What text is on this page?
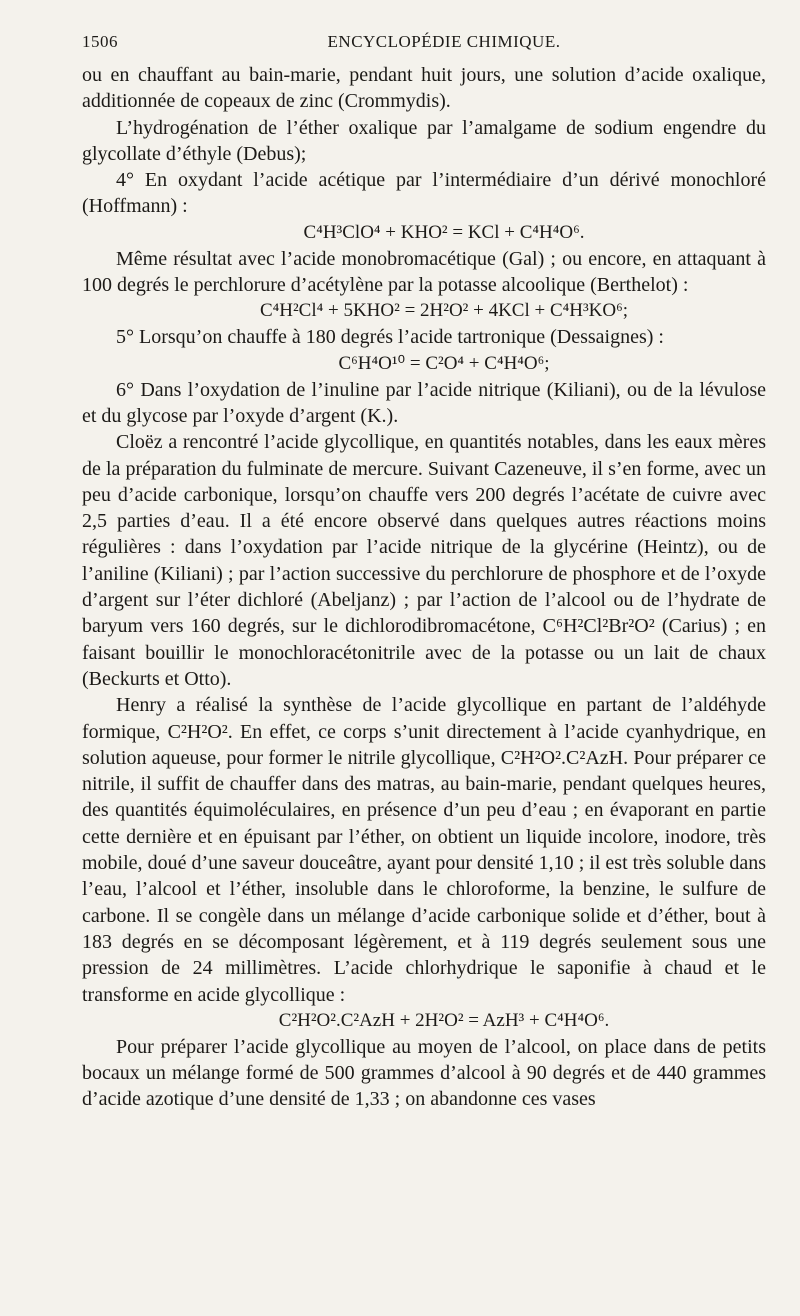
1506	ENCYCLOPÉDIE CHIMIQUE.

ou en chauffant au bain-marie, pendant huit jours, une solution d’acide oxalique, additionnée de copeaux de zinc (Crommydis).

L’hydrogénation de l’éther oxalique par l’amalgame de sodium engendre du glycollate d’éthyle (Debus);

4° En oxydant l’acide acétique par l’intermédiaire d’un dérivé monochloré (Hoffmann) :

C⁴H³ClO⁴ + KHO² = KCl + C⁴H⁴O⁶.

Même résultat avec l’acide monobromacétique (Gal) ; ou encore, en attaquant à 100 degrés le perchlorure d’acétylène par la potasse alcoolique (Berthelot) :

C⁴H²Cl⁴ + 5KHO² = 2H²O² + 4KCl + C⁴H³KO⁶;

5° Lorsqu’on chauffe à 180 degrés l’acide tartronique (Dessaignes) :

C⁶H⁴O¹⁰ = C²O⁴ + C⁴H⁴O⁶;

6° Dans l’oxydation de l’inuline par l’acide nitrique (Kiliani), ou de la lévulose et du glycose par l’oxyde d’argent (K.).

Cloëz a rencontré l’acide glycollique, en quantités notables, dans les eaux mères de la préparation du fulminate de mercure. Suivant Cazeneuve, il s’en forme, avec un peu d’acide carbonique, lorsqu’on chauffe vers 200 degrés l’acétate de cuivre avec 2,5 parties d’eau. Il a été encore observé dans quelques autres réactions moins régulières : dans l’oxydation par l’acide nitrique de la glycérine (Heintz), ou de l’aniline (Kiliani) ; par l’action successive du perchlorure de phosphore et de l’oxyde d’argent sur l’éter dichloré (Abeljanz) ; par l’action de l’alcool ou de l’hydrate de baryum vers 160 degrés, sur le dichlorodibromacétone, C⁶H²Cl²Br²O² (Carius) ; en faisant bouillir le monochloracétonitrile avec de la potasse ou un lait de chaux (Beckurts et Otto).

Henry a réalisé la synthèse de l’acide glycollique en partant de l’aldéhyde formique, C²H²O². En effet, ce corps s’unit directement à l’acide cyanhydrique, en solution aqueuse, pour former le nitrile glycollique, C²H²O².C²AzH. Pour préparer ce nitrile, il suffit de chauffer dans des matras, au bain-marie, pendant quelques heures, des quantités équimoléculaires, en présence d’un peu d’eau ; en évaporant en partie cette dernière et en épuisant par l’éther, on obtient un liquide incolore, inodore, très mobile, doué d’une saveur douceâtre, ayant pour densité 1,10 ; il est très soluble dans l’eau, l’alcool et l’éther, insoluble dans le chloroforme, la benzine, le sulfure de carbone. Il se congèle dans un mélange d’acide carbonique solide et d’éther, bout à 183 degrés en se décomposant légèrement, et à 119 degrés seulement sous une pression de 24 millimètres. L’acide chlorhydrique le saponifie à chaud et le transforme en acide glycollique :

C²H²O².C²AzH + 2H²O² = AzH³ + C⁴H⁴O⁶.

Pour préparer l’acide glycollique au moyen de l’alcool, on place dans de petits bocaux un mélange formé de 500 grammes d’alcool à 90 degrés et de 440 grammes d’acide azotique d’une densité de 1,33 ; on abandonne ces vases
